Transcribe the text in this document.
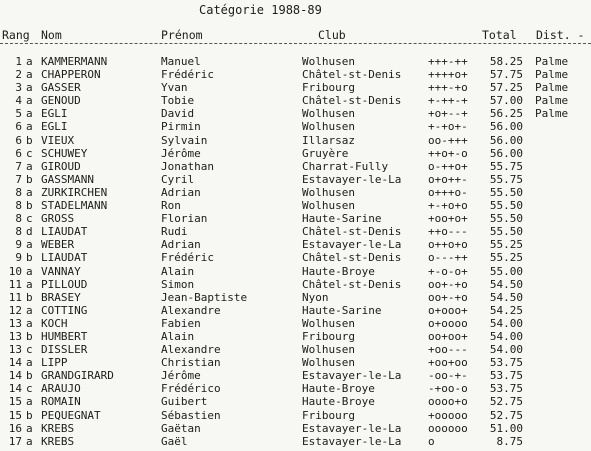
Catégorie 1988-89
Rang Nom	Prénom	Club	Total Dist. -
1 a KAMMERMANN	Manuel	Wolhusen	+++-++	58.25 Palme
2 a CHAPPERON	Frédéric	Châtel-st-Denis ++++o+	57.75 Palme
3 a GASSER	Yvan	Fribourg	+++-+o	57.25 Palme
4 a GENOUD	Tobie	Châtel-st-Denis +-++-+	57.00 Palme
5 a EGLI	David	Wolhusen	+o+--+	56.25 Palme
6 a EGLI	Pirmin	Wolhusen	+-+o+-	56.00
6 b VIEUX	Sylvain	Illarsaz	oo-+++	56.00
6 c SCHUWEY	Jérôme	Gruyère	++o+-o	56.00
7 a GIROUD	Jonathan	Charrat-Fully	o-++o+	55.75
7 b GASSMANN	Cyril	Estavayer-le-La o+o++-	55.75
8 a ZURKIRCHEN	Adrian	Wolhusen	o+++o-	55.50
8 b STADELMANN	Ron	Wolhusen	+-+o+o	55.50
8 c GROSS	Florian	Haute-Sarine	+oo+o+	55.50
8 d LIAUDAT	Rudi	Châtel-st-Denis ++o---	55.50
9 a WEBER	Adrian	Estavayer-le-La o++o+o	55.25
9 b LIAUDAT	Frédéric	Châtel-st-Denis o---++	55.25
10 a VANNAY	Alain	Haute-Broye	+-o-o+	55.00
11 a PILLOUD	Simon	Châtel-st-Denis oo+-+o	54.50
11 b BRASEY	Jean-Baptiste	Nyon	oo+-+o	54.50
12 a COTTING	Alexandre	Haute-Sarine	o+ooo+	54.25
13 a KOCH	Fabien	Wolhusen	o+oooo	54.00
13 b HUMBERT	Alain	Fribourg	oo+oo+	54.00
13 c DISSLER	Alexandre	Wolhusen	+oo---	54.00
14 a LIPP	Christian	Wolhusen	+oo+oo	53.75
14 b GRANDGIRARD	Jérôme	Estavayer-le-La -oo-+-	53.75
14 c ARAUJO	Frédérico	Haute-Broye	-+oo-o	53.75
15 a ROMAIN	Guibert	Haute-Broye	oooo+o	52.75
15 b PEQUEGNAT	Sébastien	Fribourg	+ooooo	52.75
16 a KREBS	Gaëtan	Estavayer-le-La oooooo	51.00
17 a KREBS	Gaël	Estavayer-le-La o	8.75
